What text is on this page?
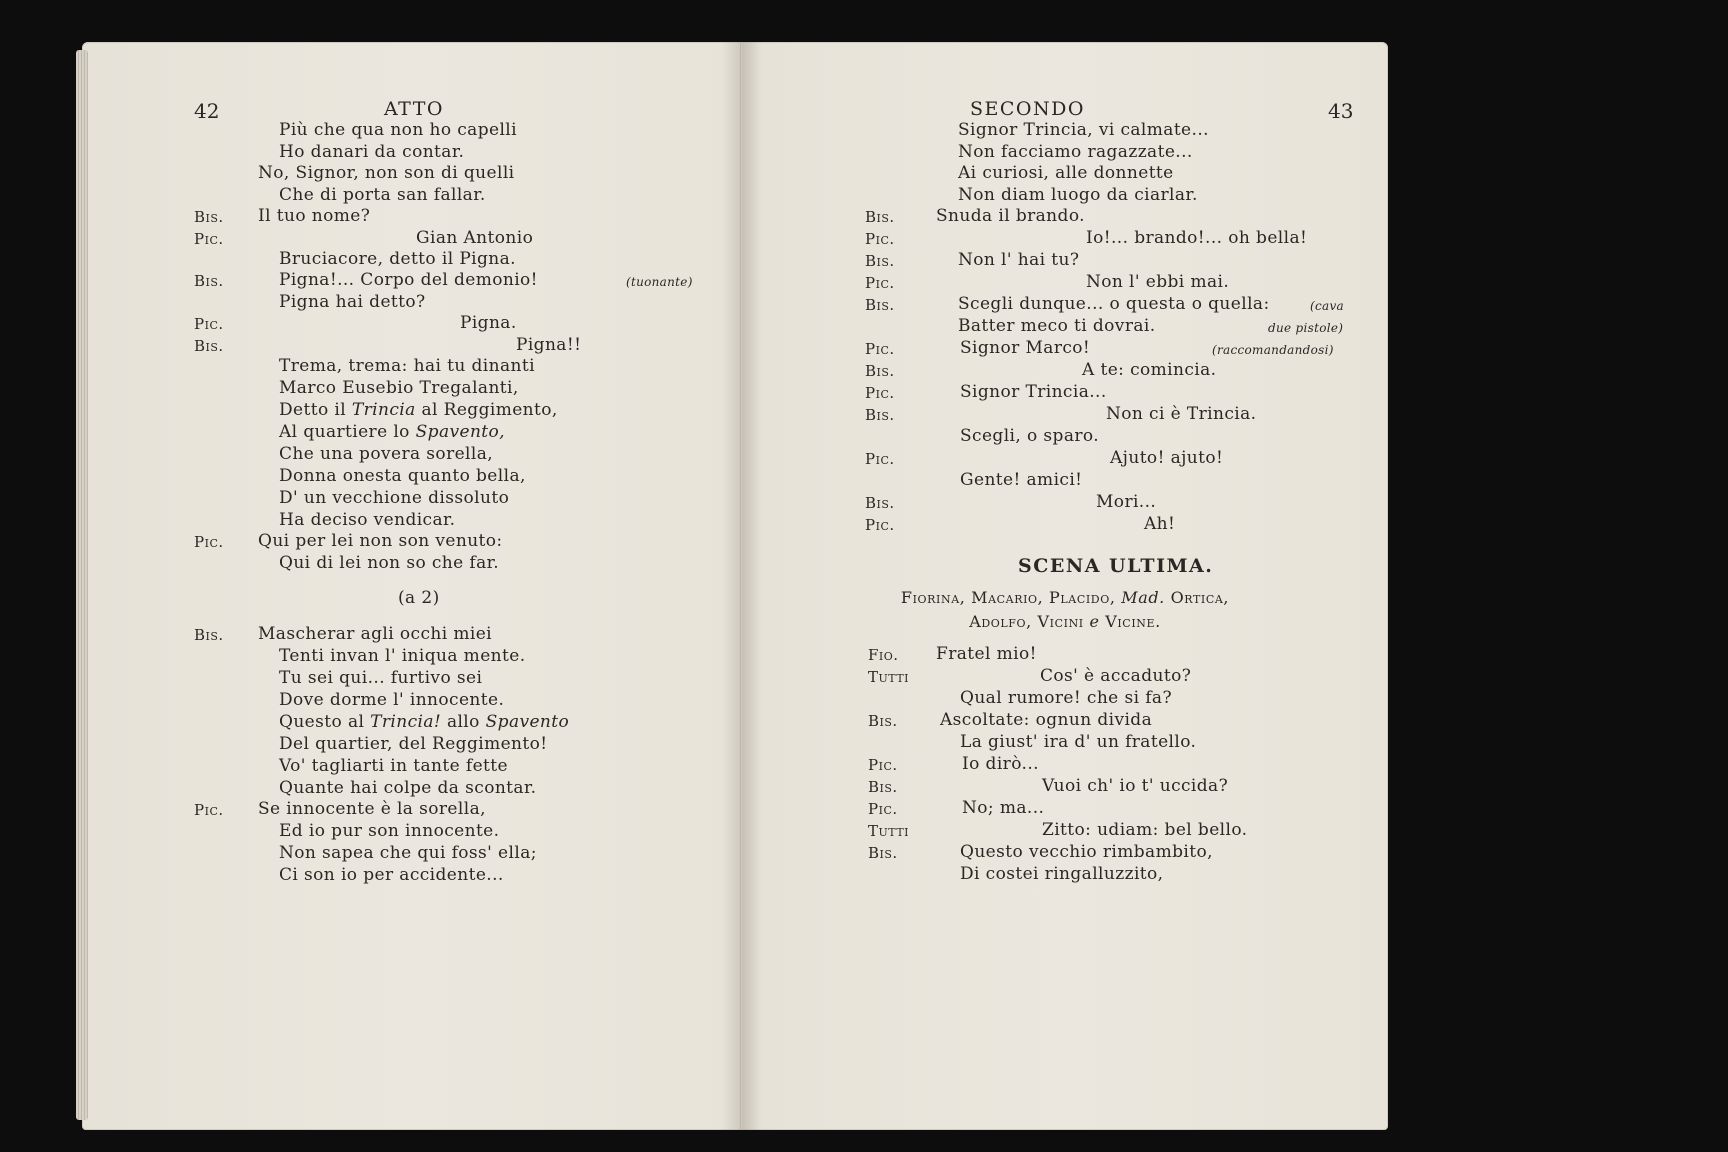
42	ATTO
Più che qua non ho capelli
Ho danari da contar.
No, Signor, non son di quelli
Che di porta san fallar.
Bis. Il tuo nome?
Pic.	Gian Antonio
Bruciacore, detto il Pigna.
Bis.	Pigna!... Corpo del demonio!	(tuonante)
Pigna hai detto?
Pic.	Pigna.
Bis.	Pigna!!
Trema, trema: hai tu dinanti
Marco Eusebio Tregalanti,
Detto il Trincia al Reggimento,
Al quartiere lo Spavento,
Che una povera sorella,
Donna onesta quanto bella,
D' un vecchione dissoluto
Ha deciso vendicar.
Pic. Qui per lei non son venuto:
Qui di lei non so che far.
(a 2)
Bis. Mascherar agli occhi miei
Tenti invan l' iniqua mente.
Tu sei qui... furtivo sei
Dove dorme l' innocente.
Questo al Trincia! allo Spavento
Del quartier, del Reggimento!
Vo' tagliarti in tante fette
Quante hai colpe da scontar.
Pic. Se innocente è la sorella,
Ed io pur son innocente.
Non sapea che qui foss' ella;
Ci son io per accidente...
SECONDO	43
Signor Trincia, vi calmate...
Non facciamo ragazzate...
Ai curiosi, alle donnette
Non diam luogo da ciarlar.
Bis. Snuda il brando.
Pic.	Io!... brando!... oh bella!
Bis.	Non l' hai tu?
Pic.	Non l' ebbi mai.
Bis.	Scegli dunque... o questa o quella:	(cava
Batter meco ti dovrai.	due pistole)
Pic.	Signor Marco!	(raccomandandosi)
Bis.	A te: comincia.
Pic.	Signor Trincia...
Bis.	Non ci è Trincia.
Scegli, o sparo.
Pic.	Ajuto! ajuto!
Gente! amici!
Bis.	Mori...
Pic.	Ah!
SCENA ULTIMA.
Fiorina, Macario, Placido, Mad. Ortica,
Adolfo, Vicini e Vicine.
Fio. Fratel mio!
Tutti	Cos' è accaduto?
Qual rumore! che si fa?
Bis. Ascoltate: ognun divida
La giust' ira d' un fratello.
Pic.	Io dirò...
Bis.	Vuoi ch' io t' uccida?
Pic.	No; ma...
Tutti	Zitto: udiam: bel bello.
Bis.	Questo vecchio rimbambito,
Di costei ringalluzzito,
